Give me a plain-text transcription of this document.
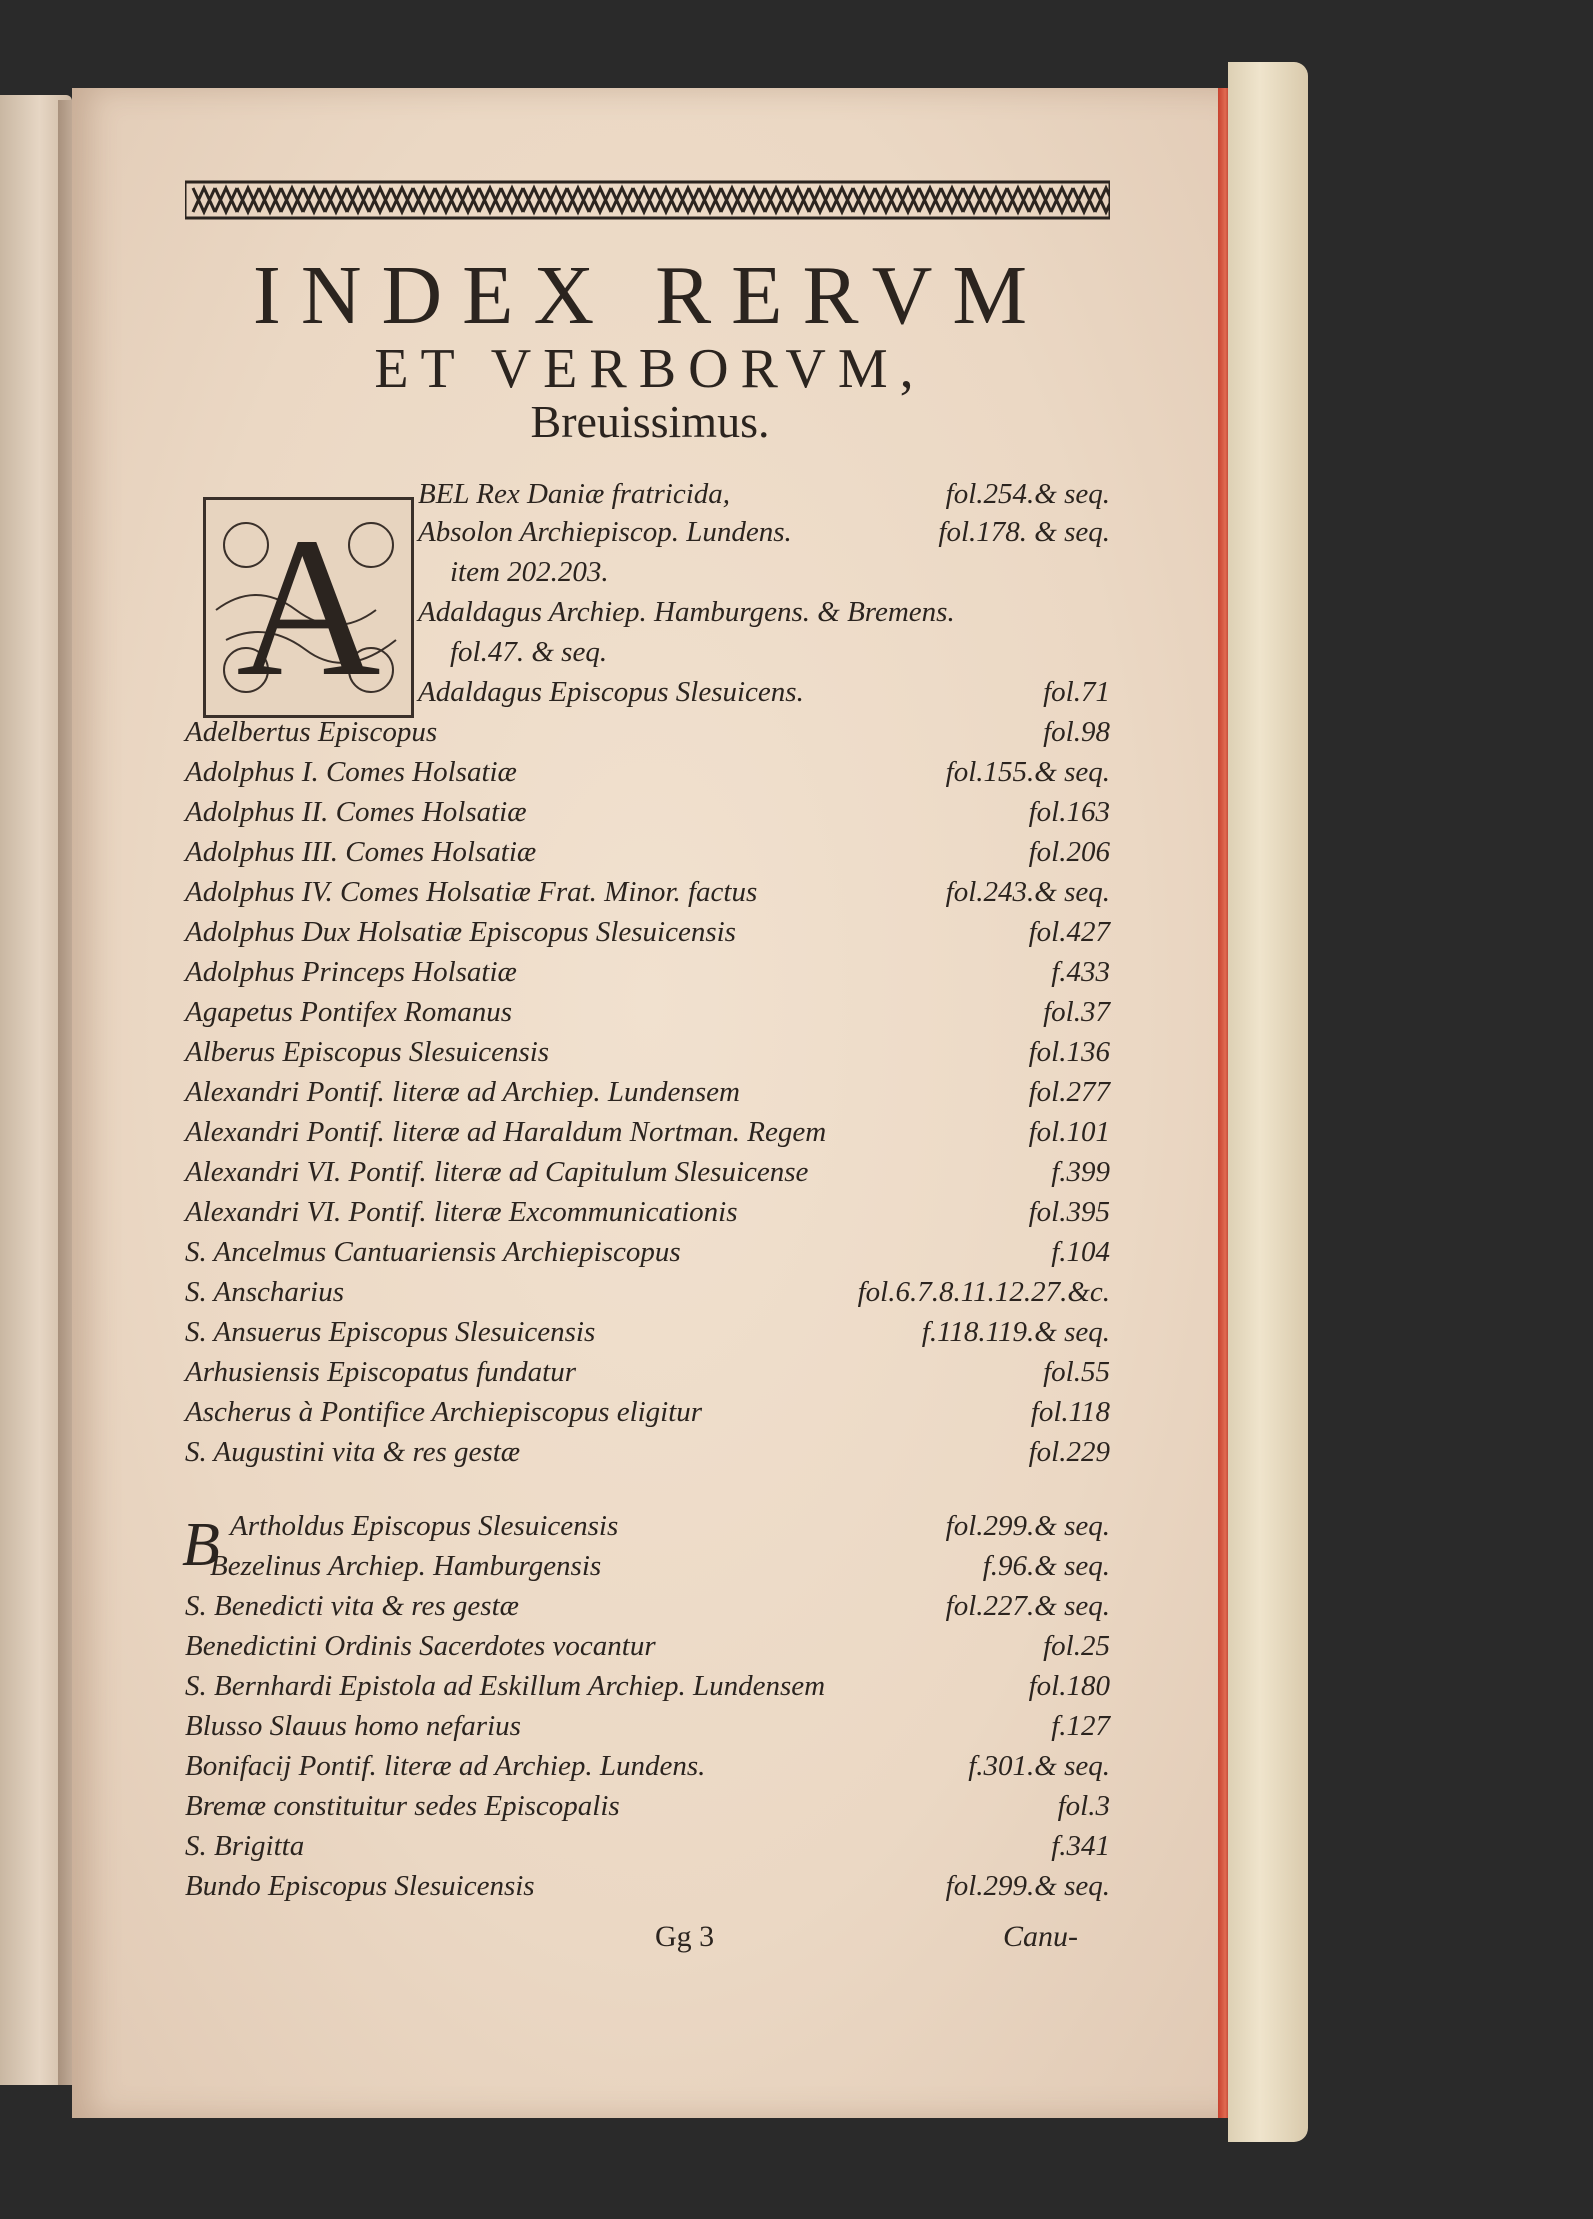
INDEX RERVM
ET VERBORVM,
Breuissimus.
A
B
BEL Rex Daniæ fratricida,	fol.254.& seq.
Absolon Archiepiscop. Lundens.	fol.178. & seq.
item 202.203.
Adaldagus Archiep. Hamburgens. & Bremens.
fol.47. & seq.
Adaldagus Episcopus Slesuicens.	fol.71
Adelbertus Episcopus	fol.98
Adolphus I. Comes Holsatiæ	fol.155.& seq.
Adolphus II. Comes Holsatiæ	fol.163
Adolphus III. Comes Holsatiæ	fol.206
Adolphus IV. Comes Holsatiæ Frat. Minor. factus	fol.243.& seq.
Adolphus Dux Holsatiæ Episcopus Slesuicensis	fol.427
Adolphus Princeps Holsatiæ	f.433
Agapetus Pontifex Romanus	fol.37
Alberus Episcopus Slesuicensis	fol.136
Alexandri Pontif. literæ ad Archiep. Lundensem	fol.277
Alexandri Pontif. literæ ad Haraldum Nortman. Regem	fol.101
Alexandri VI. Pontif. literæ ad Capitulum Slesuicense	f.399
Alexandri VI. Pontif. literæ Excommunicationis	fol.395
S. Ancelmus Cantuariensis Archiepiscopus	f.104
S. Anscharius	fol.6.7.8.11.12.27.&c.
S. Ansuerus Episcopus Slesuicensis	f.118.119.& seq.
Arhusiensis Episcopatus fundatur	fol.55
Ascherus à Pontifice Archiepiscopus eligitur	fol.118
S. Augustini vita & res gestæ	fol.229
Artholdus Episcopus Slesuicensis	fol.299.& seq.
Bezelinus Archiep. Hamburgensis	f.96.& seq.
S. Benedicti vita & res gestæ	fol.227.& seq.
Benedictini Ordinis Sacerdotes vocantur	fol.25
S. Bernhardi Epistola ad Eskillum Archiep. Lundensem	fol.180
Blusso Slauus homo nefarius	f.127
Bonifacij Pontif. literæ ad Archiep. Lundens.	f.301.& seq.
Bremæ constituitur sedes Episcopalis	fol.3
S. Brigitta	f.341
Bundo Episcopus Slesuicensis	fol.299.& seq.
Gg 3	Canu-
